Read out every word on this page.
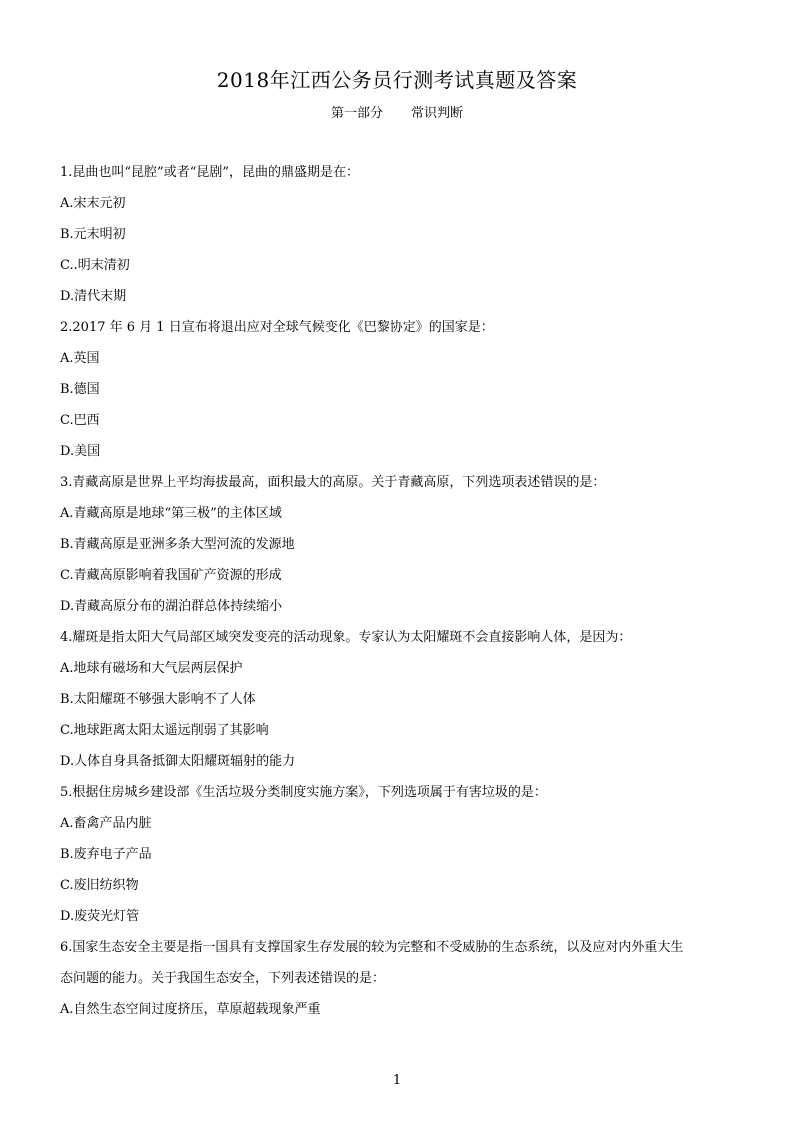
2018年江西公务员行测考试真题及答案
第一部分 常识判断
1.昆曲也叫“昆腔”或者“昆剧”，昆曲的鼎盛期是在：
A.宋末元初
B.元末明初
C..明末清初
D.清代末期
2.2017 年 6 月 1 日宣布将退出应对全球气候变化《巴黎协定》的国家是：
A.英国
B.德国
C.巴西
D.美国
3.青藏高原是世界上平均海拔最高，面积最大的高原。关于青藏高原，下列选项表述错误的是：
A.青藏高原是地球“第三极”的主体区域
B.青藏高原是亚洲多条大型河流的发源地
C.青藏高原影响着我国矿产资源的形成
D.青藏高原分布的湖泊群总体持续缩小
4.耀斑是指太阳大气局部区域突发变亮的活动现象。专家认为太阳耀斑不会直接影响人体，是因为：
A.地球有磁场和大气层两层保护
B.太阳耀斑不够强大影响不了人体
C.地球距离太阳太遥远削弱了其影响
D.人体自身具备抵御太阳耀斑辐射的能力
5.根据住房城乡建设部《生活垃圾分类制度实施方案》，下列选项属于有害垃圾的是：
A.畜禽产品内脏
B.废弃电子产品
C.废旧纺织物
D.废荧光灯管
6.国家生态安全主要是指一国具有支撑国家生存发展的较为完整和不受威胁的生态系统，以及应对内外重大生
态问题的能力。关于我国生态安全，下列表述错误的是：
A.自然生态空间过度挤压，草原超载现象严重
1
